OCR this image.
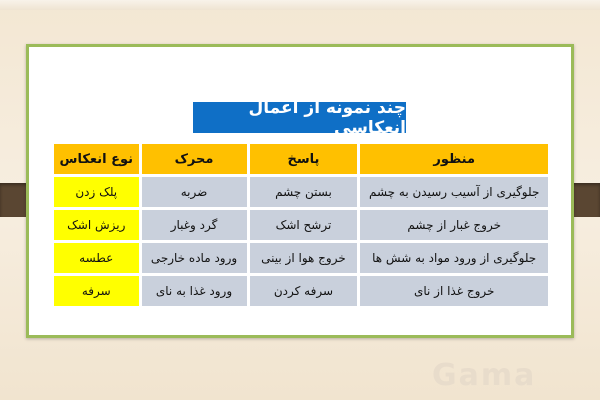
چند نمونه از اعمال انعکاسی
منظور	پاسخ	محرک	نوع انعکاس
جلوگیری از آسیب رسیدن به چشم	بستن چشم	ضربه	پلک زدن
خروج غبار از چشم	ترشح اشک	گرد وغبار	ریزش اشک
جلوگیری از ورود مواد به شش ها	خروج هوا از بینی	ورود ماده خارجی	عطسه
خروج غذا از نای	سرفه کردن	ورود غذا به نای	سرفه
Gama
